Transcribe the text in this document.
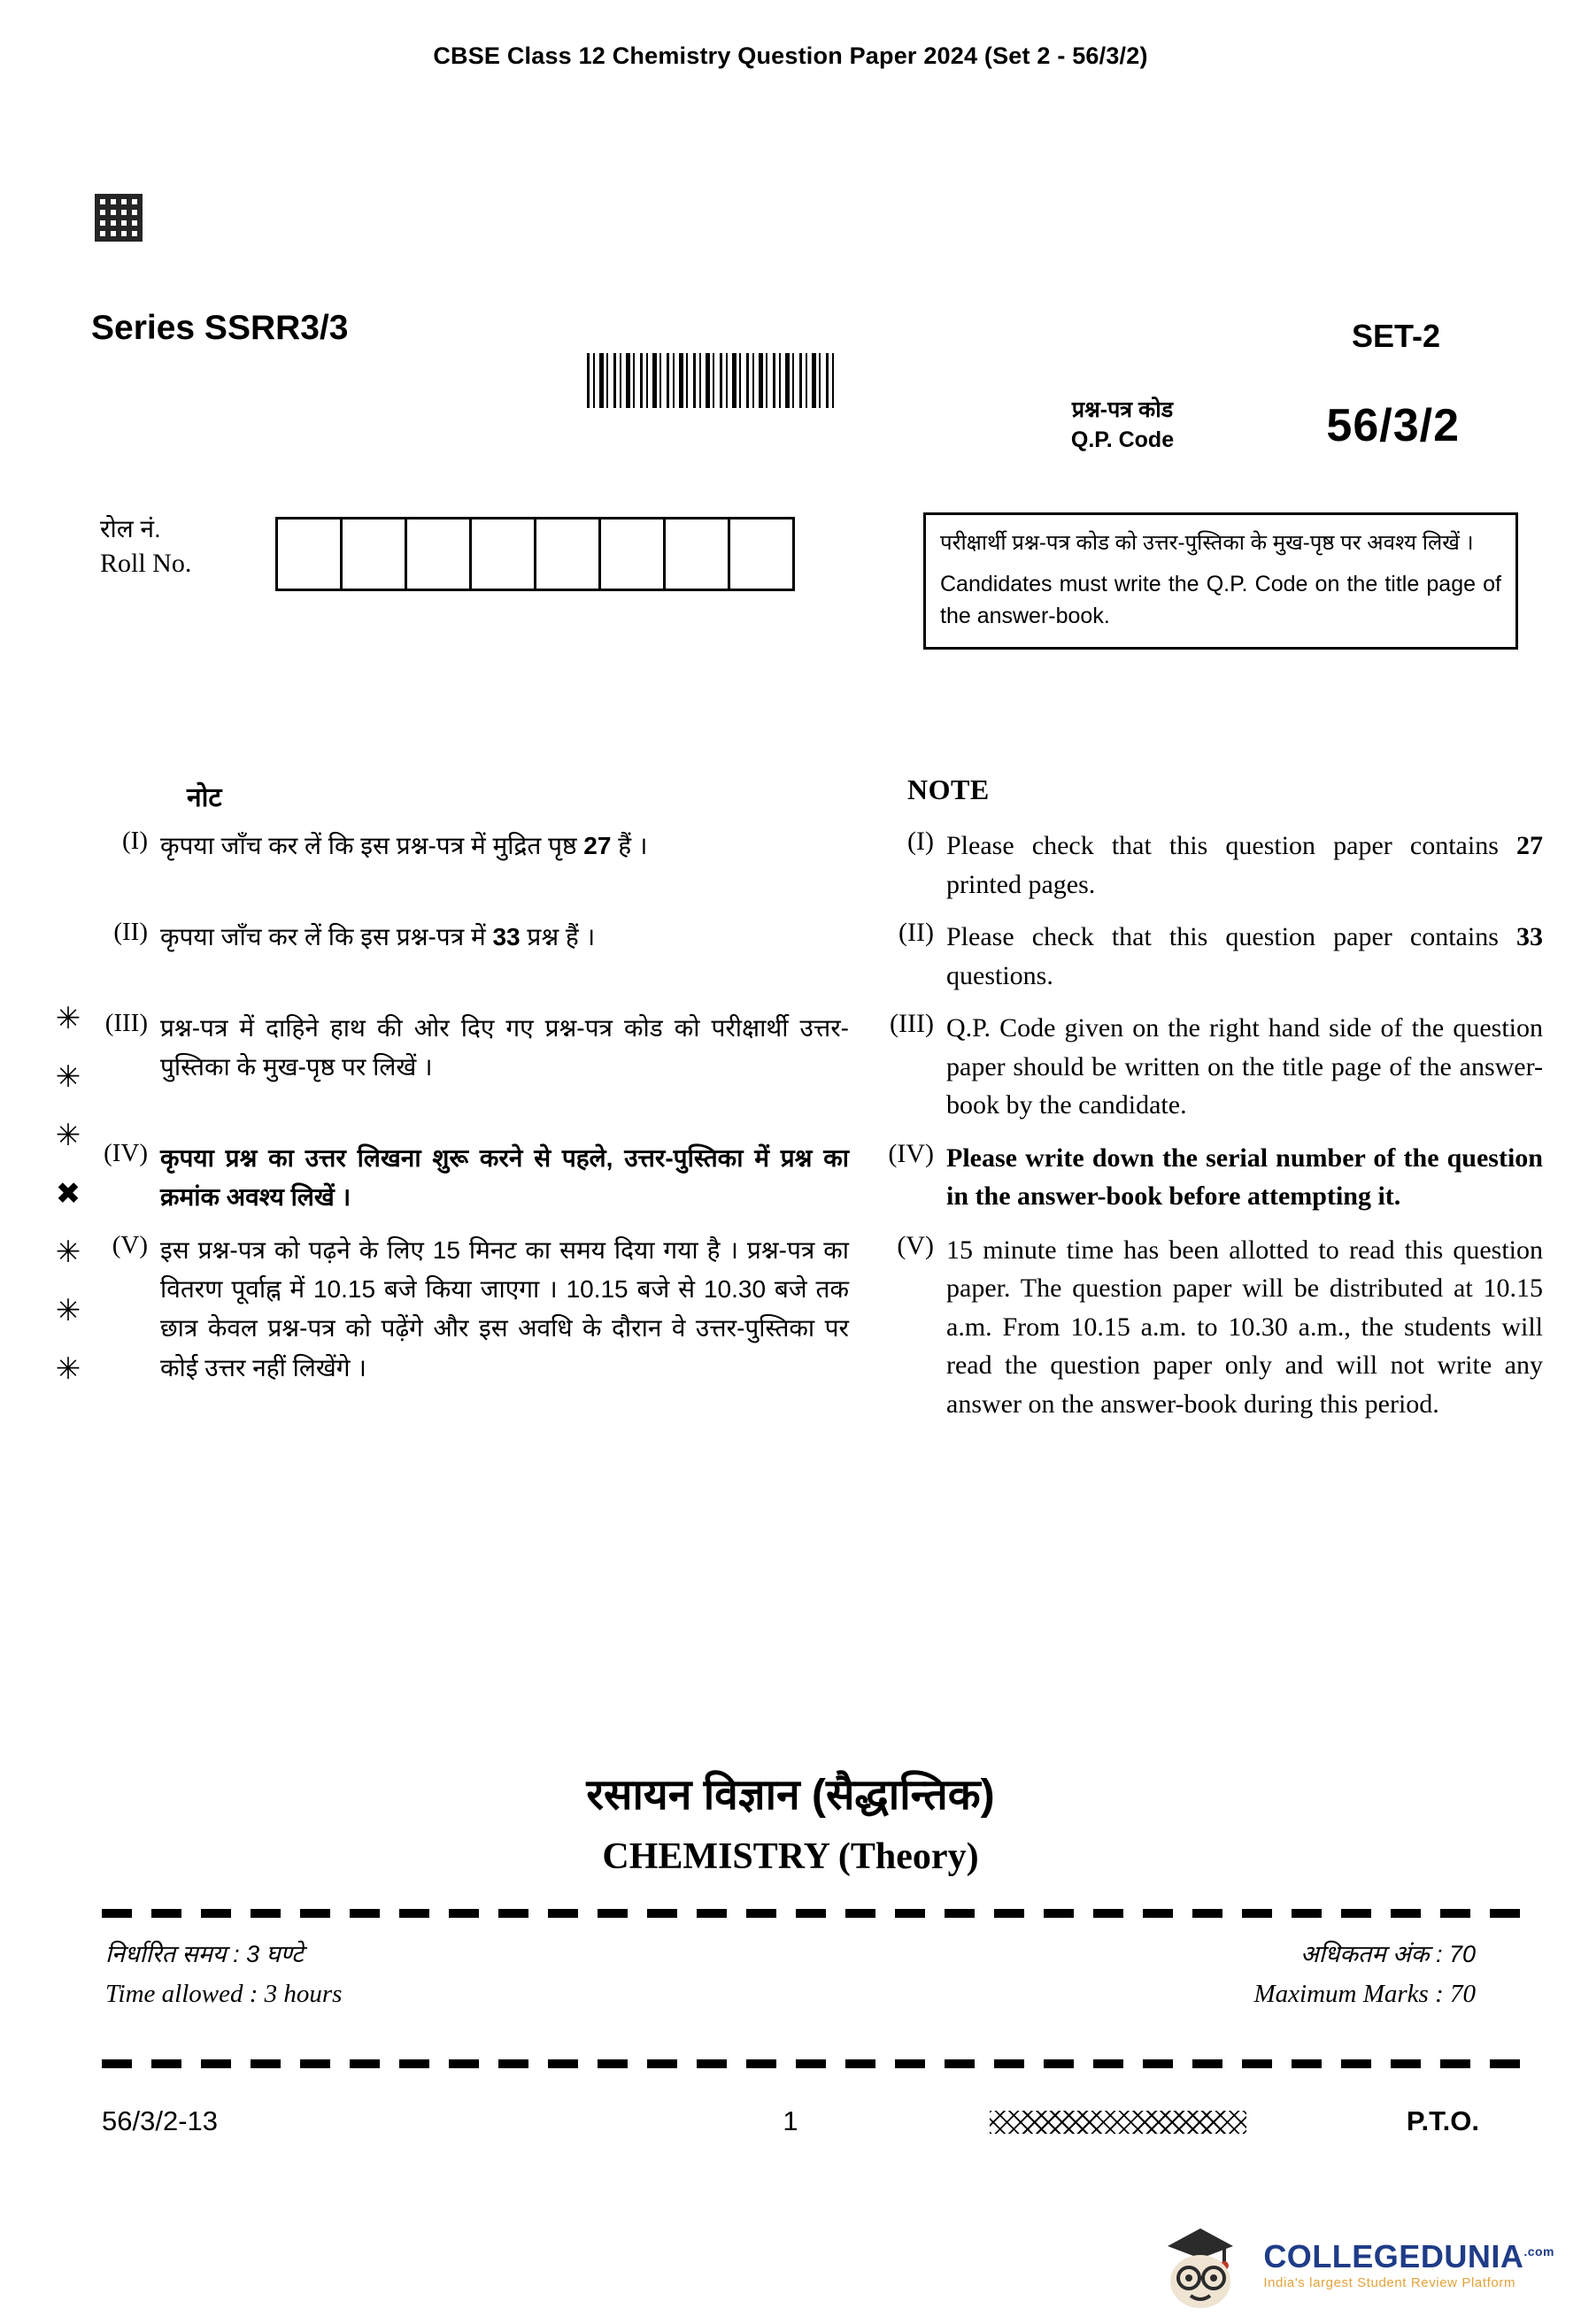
CBSE Class 12 Chemistry Question Paper 2024 (Set 2 - 56/3/2)
Series SSRR3/3
प्रश्न-पत्र कोड
Q.P. Code
SET-2
56/3/2
रोल नं.
Roll No.
परीक्षार्थी प्रश्न-पत्र कोड को उत्तर-पुस्तिका के मुख-पृष्ठ पर अवश्य लिखें ।
Candidates must write the Q.P. Code on the title page of the answer-book.
नोट	NOTE
✳
✳
✳
✖
✳
✳
✳
(I) कृपया जाँच कर लें कि इस प्रश्न-पत्र में मुद्रित पृष्ठ 27 हैं ।	(I) Please check that this question paper contains 27 printed pages.
(II) कृपया जाँच कर लें कि इस प्रश्न-पत्र में 33 प्रश्न हैं ।	(II) Please check that this question paper contains 33 questions.
(III) प्रश्न-पत्र में दाहिने हाथ की ओर दिए गए प्रश्न-पत्र कोड को परीक्षार्थी उत्तर-पुस्तिका के मुख-पृष्ठ पर लिखें ।
(III) Q.P. Code given on the right hand side of the question paper should be written on the title page of the answer-book by the candidate.
(IV) कृपया प्रश्न का उत्तर लिखना शुरू करने से पहले, उत्तर-पुस्तिका में प्रश्न का क्रमांक अवश्य लिखें ।
(IV) Please write down the serial number of the question in the answer-book before attempting it.
(V) इस प्रश्न-पत्र को पढ़ने के लिए 15 मिनट का समय दिया गया है । प्रश्न-पत्र का वितरण पूर्वाह्न में 10.15 बजे किया जाएगा । 10.15 बजे से 10.30 बजे तक छात्र केवल प्रश्न-पत्र को पढ़ेंगे और इस अवधि के दौरान वे उत्तर-पुस्तिका पर कोई उत्तर नहीं लिखेंगे ।
(V) 15 minute time has been allotted to read this question paper. The question paper will be distributed at 10.15 a.m. From 10.15 a.m. to 10.30 a.m., the students will read the question paper only and will not write any answer on the answer-book during this period.
रसायन विज्ञान (सैद्धान्तिक)
CHEMISTRY (Theory)
निर्धारित समय : 3 घण्टे
Time allowed : 3 hours
अधिकतम अंक : 70
Maximum Marks : 70
56/3/2-13	1	P.T.O.
$COLLEGEDUNIA^{.com}$
India's largest Student Review Platform
